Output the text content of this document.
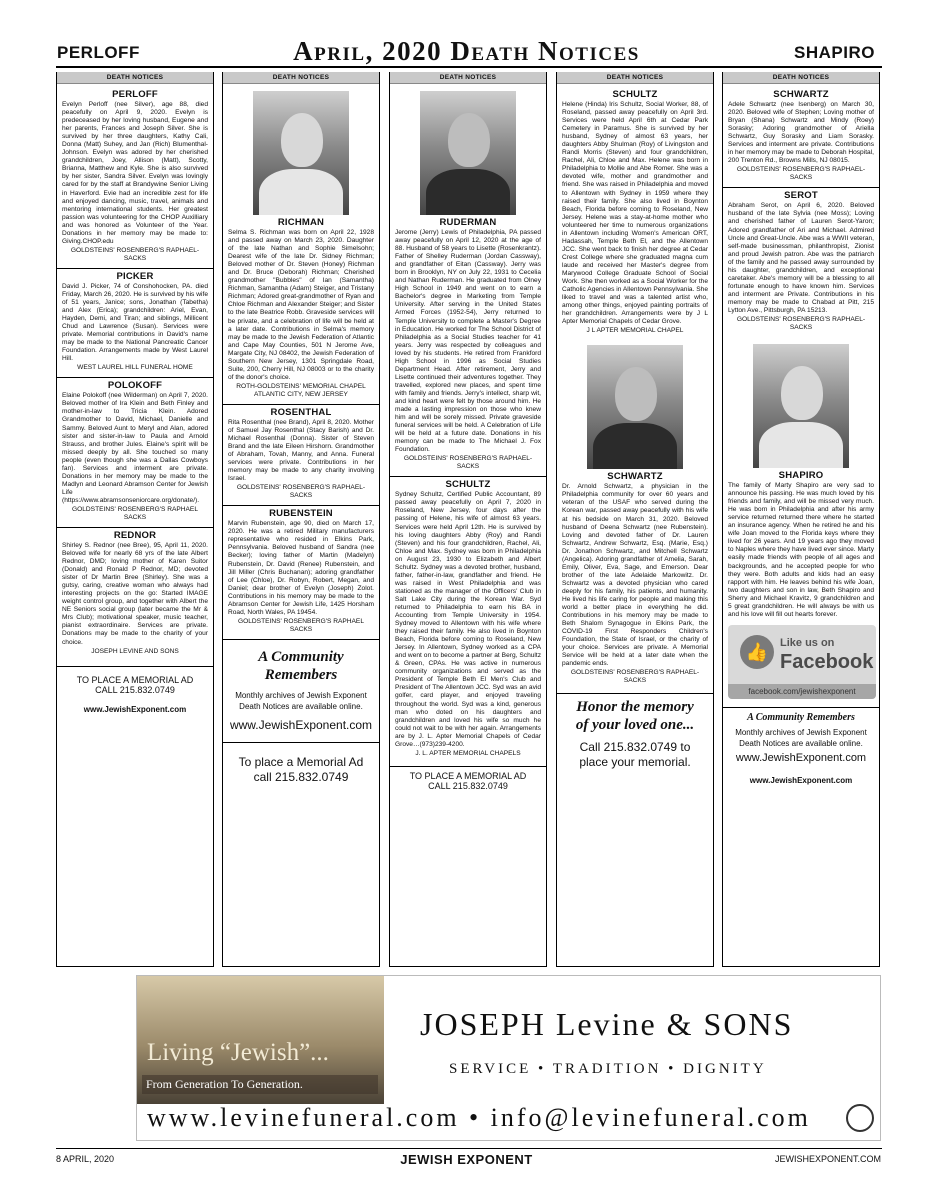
PERLOFF	April, 2020 Death Notices	SHAPIRO
DEATH NOTICES
PERLOFF
Evelyn Perloff (nee Silver), age 88, died peacefully on April 9, 2020. Evelyn is predeceased by her loving husband, Eugene and her parents, Frances and Joseph Silver. She is survived by her three daughters, Kathy Cali, Donna (Matt) Suhey, and Jan (Rich) Blumenthal-Johnson. Evelyn was adored by her cherished grandchildren, Joey, Allison (Matt), Scotty, Brianna, Matthew and Kyle. She is also survived by her sister, Sandra Silver. Evelyn was lovingly cared for by the staff at Brandywine Senior Living in Haverford. Evie had an incredible zest for life and enjoyed dancing, music, travel, animals and mentoring international students. Her greatest passion was volunteering for the CHOP Auxilliary and was honored as Volunteer of the Year. Donations in her memory may be made to: Giving.CHOP.edu
GOLDSTEINS' ROSENBERG'S RAPHAEL-SACKS
PICKER
David J. Picker, 74 of Conshohocken, PA. died Friday, March 26, 2020. He is survived by his wife of 51 years, Janice; sons, Jonathan (Tabetha) and Alex (Erica); grandchildren: Ariel, Evan, Hayden, Demi, and Tiran; and siblings, Millicent Chud and Lawrence (Susan). Services were private. Memorial contributions in David's name may be made to the National Pancreatic Cancer Foundation. Arrangements made by West Laurel Hill.
WEST LAUREL HILL FUNERAL HOME
POLOKOFF
Elaine Polokoff (nee Wilderman) on April 7, 2020. Beloved mother of Ira Klein and Beth Finley and mother-in-law to Tricia Klein. Adored Grandmother to David, Michael, Danielle and Sammy. Beloved Aunt to Meryl and Alan, adored sister and sister-in-law to Paula and Arnold Strauss, and brother Jules. Elaine's spirit will be missed deeply by all. She touched so many people (even though she was a Dallas Cowboys fan). Services and interment are private. Donations in her memory may be made to the Madlyn and Leonard Abramson Center for Jewish Life (https://www.abramsonseniorcare.org/donate/).
GOLDSTEINS' ROSENBERG'S RAPHAEL SACKS
REDNOR
Shirley S. Rednor (nee Bree), 95, April 11, 2020. Beloved wife for nearly 68 yrs of the late Albert Rednor, DMD; loving mother of Karen Suitor (Donald) and Ronald P Rednor, MD; devoted sister of Dr Martin Bree (Shirley). She was a gutsy, caring, creative woman who always had interesting projects on the go: Started IMAGE weight control group, and together with Albert the NE Seniors social group (later became the Mr & Mrs Club); motivational speaker, music teacher, pianist extraordinaire. Services are private. Donations may be made to the charity of your choice.
JOSEPH LEVINE AND SONS
TO PLACE A MEMORIAL AD
CALL 215.832.0749
www.JewishExponent.com
DEATH NOTICES
RICHMAN
Selma S. Richman was born on April 22, 1928 and passed away on March 23, 2020. Daughter of the late Nathan and Sophie Simelsohn; Dearest wife of the late Dr. Sidney Richman; Beloved mother of Dr. Steven (Honey) Richman and Dr. Bruce (Deborah) Richman; Cherished grandmother "Bubbles" of Ian (Samantha) Richman, Samantha (Adam) Steiger, and Tristany Richman; Adored great-grandmother of Ryan and Chloe Richman and Alexander Steiger; and Sister to the late Beatrice Robb. Graveside services will be private, and a celebration of life will be held at a later date. Contributions in Selma's memory may be made to the Jewish Federation of Atlantic and Cape May Counties, 501 N Jerome Ave, Margate City, NJ 08402, the Jewish Federation of Southern New Jersey, 1301 Springdale Road, Suite, 200, Cherry Hill, NJ 08003 or to the charity of the donor's choice.
ROTH-GOLDSTEINS' MEMORIAL CHAPEL ATLANTIC CITY, NEW JERSEY
ROSENTHAL
Rita Rosenthal (nee Brand), April 8, 2020. Mother of Samuel Jay Rosenthal (Stacy Barish) and Dr. Michael Rosenthal (Donna). Sister of Steven Brand and the late Eileen Hirshorn. Grandmother of Abraham, Tovah, Manny, and Anna. Funeral services were private. Contributions in her memory may be made to any charity involving Israel.
GOLDSTEINS' ROSENBERG'S RAPHAEL-SACKS
RUBENSTEIN
Marvin Rubenstein, age 90, died on March 17, 2020. He was a retired Military manufacturers representative who resided in Elkins Park, Pennsylvania. Beloved husband of Sandra (nee Becker); loving father of Martin (Madelyn) Rubenstein, Dr. David (Renee) Rubenstein, and Jill Miller (Chris Buchanan); adoring grandfather of Lee (Chloe), Dr. Robyn, Robert, Megan, and Daniel; dear brother of Evelyn (Joseph) Zolot. Contributions in his memory may be made to the Abramson Center for Jewish Life, 1425 Horsham Road, North Wales, PA 19454.
GOLDSTEINS' ROSENBERG'S RAPHAEL SACKS
A Community Remembers
Monthly archives of Jewish Exponent Death Notices are available online.
www.JewishExponent.com
To place a Memorial Ad
call 215.832.0749
DEATH NOTICES
RUDERMAN
Jerome (Jerry) Lewis of Philadelphia, PA passed away peacefully on April 12, 2020 at the age of 88. Husband of 58 years to Lisette (Rosenkrantz). Father of Shelley Ruderman (Jordan Cassway), and grandfather of Eitan (Cassway). Jerry was born in Brooklyn, NY on July 22, 1931 to Cecelia and Nathan Ruderman. He graduated from Olney High School in 1949 and went on to earn a Bachelor's degree in Marketing from Temple University. After serving in the United States Armed Forces (1952-54), Jerry returned to Temple University to complete a Master's Degree in Education. He worked for The School District of Philadelphia as a Social Studies teacher for 41 years. Jerry was respected by colleagues and loved by his students. He retired from Frankford High School in 1996 as Social Studies Department Head. After retirement, Jerry and Lisette continued their adventures together. They travelled, explored new places, and spent time with family and friends. Jerry's intellect, sharp wit, and kind heart were felt by those around him. He made a lasting impression on those who knew him and will be sorely missed. Private graveside funeral services will be held. A Celebration of Life will be held at a future date. Donations in his memory can be made to The Michael J. Fox Foundation.
GOLDSTEINS' ROSENBERG'S RAPHAEL-SACKS
SCHULTZ
Sydney Schultz, Certified Public Accountant, 89 passed away peacefully on April 7, 2020 in Roseland, New Jersey, four days after the passing of Helene, his wife of almost 63 years. Services were held April 12th. He is survived by his loving daughters Abby (Roy) and Randi (Steven) and his four grandchildren, Rachel, Ali, Chloe and Max. Sydney was born in Philadelphia on August 23, 1930 to Elizabeth and Albert Schultz. Sydney was a devoted brother, husband, father, father-in-law, grandfather and friend. He was raised in West Philadelphia and was stationed as the manager of the Officers' Club in Salt Lake City during the Korean War. Syd returned to Philadelphia to earn his BA in Accounting from Temple University in 1954. Sydney moved to Allentown with his wife where they raised their family. He also lived in Boynton Beach, Florida before coming to Roseland, New Jersey. In Allentown, Sydney worked as a CPA and went on to become a partner at Berg, Schultz & Green, CPAs. He was active in numerous community organizations and served as the President of Temple Beth El Men's Club and President of The Allentown JCC. Syd was an avid golfer, card player, and enjoyed traveling throughout the world. Syd was a kind, generous man who doted on his daughters and grandchildren and loved his wife so much he could not wait to be with her again. Arrangements are by J. L. Apter Memorial Chapels of Cedar Grove…(973)239-4200.
J. L. APTER MEMORIAL CHAPELS
TO PLACE A MEMORIAL AD
CALL 215.832.0749
DEATH NOTICES
SCHULTZ
Helene (Hinda) Iris Schultz, Social Worker, 88, of Roseland, passed away peacefully on April 3rd. Services were held April 6th at Cedar Park Cemetery in Paramus. She is survived by her husband, Sydney of almost 63 years, her daughters Abby Shulman (Roy) of Livingston and Randi Morris (Steven) and four grandchildren, Rachel, Ali, Chloe and Max. Helene was born in Philadelphia to Mollie and Abe Romer. She was a devoted wife, mother and grandmother and friend. She was raised in Philadelphia and moved to Allentown with Sydney in 1959 where they raised their family. She also lived in Boynton Beach, Florida before coming to Roseland, New Jersey. Helene was a stay-at-home mother who volunteered her time to numerous organizations in Allentown including Women's American ORT, Hadassah, Temple Beth El, and the Allentown JCC. She went back to finish her degree at Cedar Crest College where she graduated magna cum laude and received her Master's degree from Marywood College Graduate School of Social Work. She then worked as a Social Worker for the Catholic Agencies in Allentown Pennsylvania. She liked to travel and was a talented artist who, among other things, enjoyed painting portraits of her grandchildren. Arrangements were by J L Apter Memorial Chapels of Cedar Grove.
J L APTER MEMORIAL CHAPEL
SCHWARTZ
Dr. Arnold Schwartz, a physician in the Philadelphia community for over 60 years and veteran of the USAF who served during the Korean war, passed away peacefully with his wife at his bedside on March 31, 2020. Beloved husband of Deena Schwartz (nee Rubenstein). Loving and devoted father of Dr. Lauren Schwartz, Andrew Schwartz, Esq. (Marie, Esq.) Dr. Jonathon Schwartz, and Mitchell Schwartz (Angelica). Adoring grandfather of Amelia, Sarah, Emily, Oliver, Eva, Sage, and Emerson. Dear brother of the late Adelaide Markowitz. Dr. Schwartz was a devoted physician who cared deeply for his family, his patients, and humanity. He lived his life caring for people and making this world a better place in everything he did. Contributions in his memory may be made to Beth Shalom Synagogue in Elkins Park, the COVID-19 First Responders Children's Foundation, the State of Israel, or the charity of your choice. Services are private. A Memorial Service will be held at a later date when the pandemic ends.
GOLDSTEINS' ROSENBERG'S RAPHAEL-SACKS
Honor the memory
of your loved one...
Call 215.832.0749 to
place your memorial.
DEATH NOTICES
SCHWARTZ
Adele Schwartz (nee Isenberg) on March 30, 2020. Beloved wife of Stephen; Loving mother of Bryan (Shana) Schwartz and Mindy (Roey) Sorasky; Adoring grandmother of Ariella Schwartz, Guy Sorasky and Liam Sorasky. Services and interment are private. Contributions in her memory may be made to Deborah Hospital, 200 Trenton Rd., Browns Mills, NJ 08015.
GOLDSTEINS' ROSENBERG'S RAPHAEL-SACKS
SEROT
Abraham Serot, on April 6, 2020. Beloved husband of the late Sylvia (nee Moss); Loving and cherished father of Lauren Serot-Yaron; Adored grandfather of Ari and Michael. Admired Uncle and Great-Uncle. Abe was a WWII veteran, self-made businessman, philanthropist, Zionist and proud Jewish patron. Abe was the patriarch of the family and he passed away surrounded by his daughter, grandchildren, and exceptional caretaker. Abe's memory will be a blessing to all fortunate enough to have known him. Services and interment are Private. Contributions in his memory may be made to Chabad at Pitt, 215 Lytton Ave., Pittsburgh, PA 15213.
GOLDSTEINS' ROSENBERG'S RAPHAEL-SACKS
SHAPIRO
The family of Marty Shapiro are very sad to announce his passing. He was much loved by his friends and family, and will be missed very much. He was born in Philadelphia and after his army service returned returned there where he started an insurance agency. When he retired he and his wife Joan moved to the Florida keys where they lived for 26 years. And 19 years ago they moved to Naples where they have lived ever since. Marty easily made friends with people of all ages and backgrounds, and he accepted people for who they were. Both adults and kids had an easy rapport with him. He leaves behind his wife Joan, two daughters and son in law, Beth Shapiro and Sherry and Michael Kravitz, 9 grandchildren and 5 great grandchildren. He will always be with us and his love will fill out hearts forever.
👍	Like us on
Facebook
facebook.com/jewishexponent
A Community Remembers
Monthly archives of Jewish Exponent Death Notices are available online.
www.JewishExponent.com
www.JewishExponent.com
Living “Jewish”...
From Generation To Generation.
JOSEPH Levine & SONS
SERVICE • TRADITION • DIGNITY
www.levinefuneral.com • info@levinefuneral.com
8 APRIL, 2020	JEWISH EXPONENT	JEWISHEXPONENT.COM
